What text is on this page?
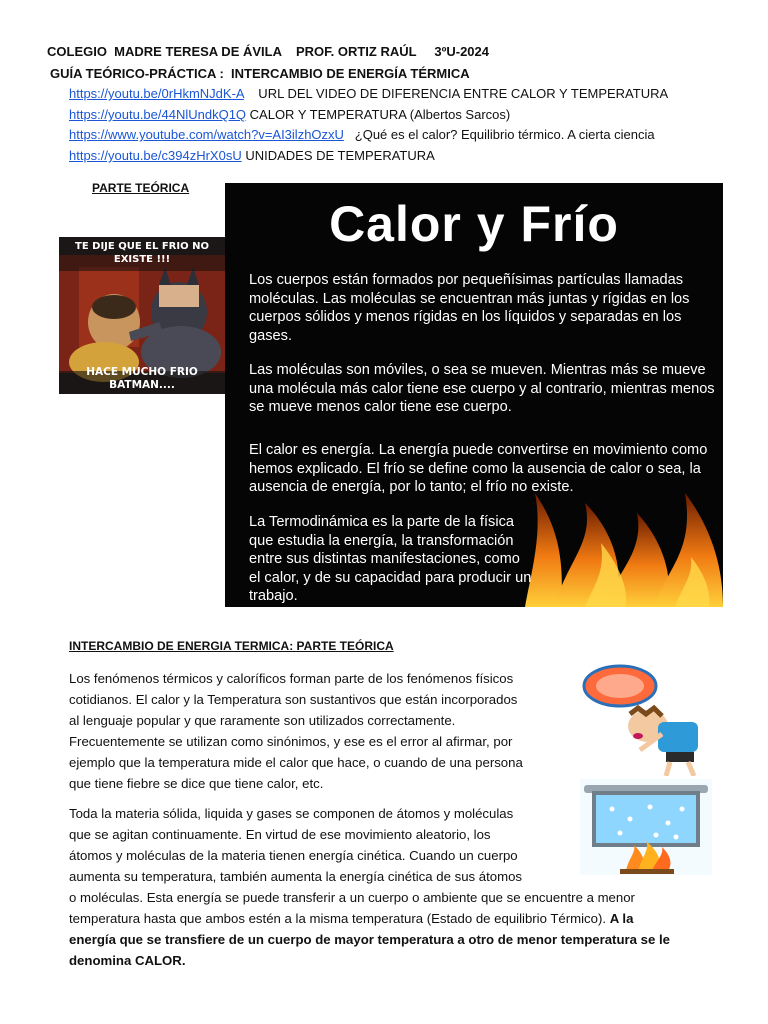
COLEGIO  MADRE TERESA DE ÁVILA    PROF. ORTIZ RAÚL     3ºU-2024
GUÍA TEÓRICO-PRÁCTICA :  INTERCAMBIO DE ENERGÍA TÉRMICA
https://youtu.be/0rHkmNJdK-A    URL DEL VIDEO DE DIFERENCIA ENTRE CALOR Y TEMPERATURA
https://youtu.be/44NlUndkQ1Q CALOR Y TEMPERATURA (Albertos Sarcos)
https://www.youtube.com/watch?v=AI3ilzhOzxU   ¿Qué es el calor? Equilibrio térmico. A cierta ciencia
https://youtu.be/c394zHrX0sU UNIDADES DE TEMPERATURA
PARTE TEÓRICA
TE DIJE QUE EL FRIO NO EXISTE !!!
HACE MUCHO FRIO BATMAN....
Calor y Frío
Los cuerpos están formados por pequeñísimas partículas llamadas moléculas. Las moléculas se encuentran más juntas y rígidas en los cuerpos sólidos y menos rígidas en los líquidos y separadas en los gases.
Las moléculas son móviles, o sea se mueven. Mientras más se mueve una molécula más calor tiene ese cuerpo y al contrario, mientras menos se mueve menos calor tiene ese cuerpo.
El calor es energía. La energía puede convertirse en movimiento como hemos explicado. El frío se define como la ausencia de calor o sea, la ausencia de energía, por lo tanto; el frío no existe.
La Termodinámica es la parte de la física que estudia la energía, la transformación entre sus distintas manifestaciones, como el calor, y de su capacidad para producir un trabajo.
INTERCAMBIO DE ENERGIA TERMICA: PARTE TEÓRICA
Los fenómenos térmicos y caloríficos forman parte de los fenómenos físicos
cotidianos. El calor y la Temperatura son sustantivos que están incorporados
al lenguaje popular y que raramente son utilizados correctamente.
Frecuentemente se utilizan como sinónimos, y ese es el error al afirmar, por
ejemplo que la temperatura mide el calor que hace, o cuando de una persona
que tiene fiebre se dice que tiene calor, etc.
Toda la materia sólida, liquida y gases se componen de átomos y moléculas
que se agitan continuamente. En virtud de ese movimiento aleatorio, los
átomos y moléculas de la materia tienen energía cinética. Cuando un cuerpo
aumenta su temperatura, también aumenta la energía cinética de sus átomos
o moléculas. Esta energía se puede transferir a un cuerpo o ambiente que se encuentre a menor
temperatura hasta que ambos estén a la misma temperatura (Estado de equilibrio Térmico). A la
energía que se transfiere de un cuerpo de mayor temperatura a otro de menor temperatura se le
denomina CALOR.
